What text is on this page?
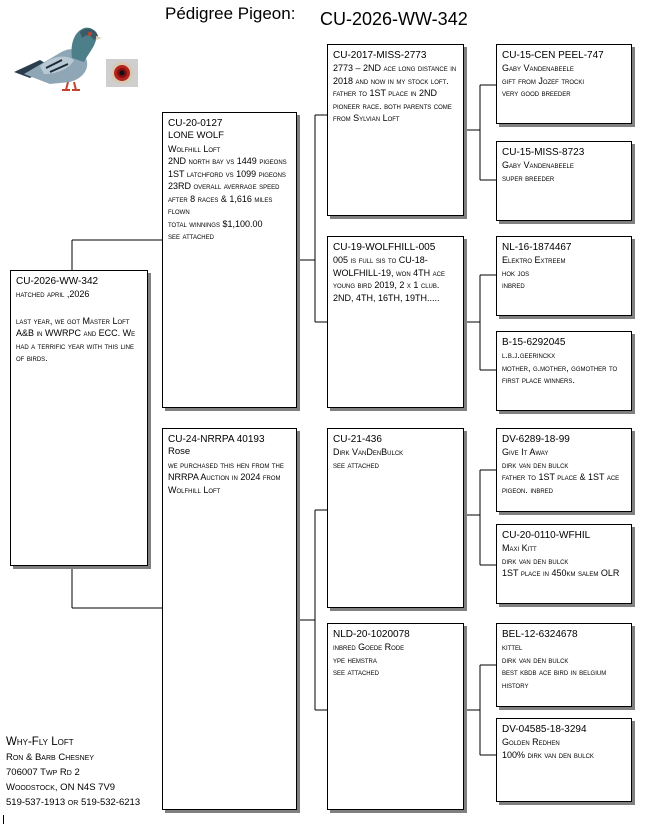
Pédigree Pigeon: CU-2026-WW-342
CU-2026-WW-342
hatched april ,2026
last year, we got Master Loft A&B in WWRPC and ECC. We had a terrific year with this line of birds.
CU-20-0127
LONE WOLF
Wolfhill Loft
2ND north bay vs 1449 pigeons
1ST latchford vs 1099 pigeons
23RD overall averrage speed after 8 races & 1,616 miles flown
total winnings $1,100.00
see attached
CU-24-NRRPA 40193
Rose
we purchased this hen from the NRRPA Auction in 2024 from Wolfhill Loft
CU-2017-MISS-2773
2773 – 2ND ace long distance in 2018 and now in my stock loft. father to 1ST place in 2ND pioneer race. both parents come from Sylvian Loft
CU-19-WOLFHILL-005
005 is full sis to CU-18-WOLFHILL-19, won 4TH ace young bird 2019, 2 x 1 club. 2ND, 4TH, 16TH, 19TH.....
CU-21-436
Dirk VanDenBulck
see attached
NLD-20-1020078
inbred Goede Rode
ype hemstra
see attached
CU-15-CEN PEEL-747
Gaby Vandenabeele
gift from Jozef trocki
very good breeder
CU-15-MISS-8723
Gaby Vandenabeele
super breeder
NL-16-1874467
Elektro Extreem
hok jos
inbred
B-15-6292045
l.b.j.geerinckx
mother, g.mother, ggmother to first place winners.
DV-6289-18-99
Give It Away
dirk van den bulck
father to 1ST place & 1ST ace pigeon. inbred
CU-20-0110-WFHIL
Maxi Kitt
dirk van den bulck
1ST place in 450km salem OLR
BEL-12-6324678
kittel
dirk van den bulck
best kbdb ace bird in belgium history
DV-04585-18-3294
Golden Redhen
100% dirk van den bulck
Why-Fly Loft
Ron & Barb Chesney
706007 Twp Rd 2
Woodstock, ON N4S 7V9
519-537-1913 or 519-532-6213
